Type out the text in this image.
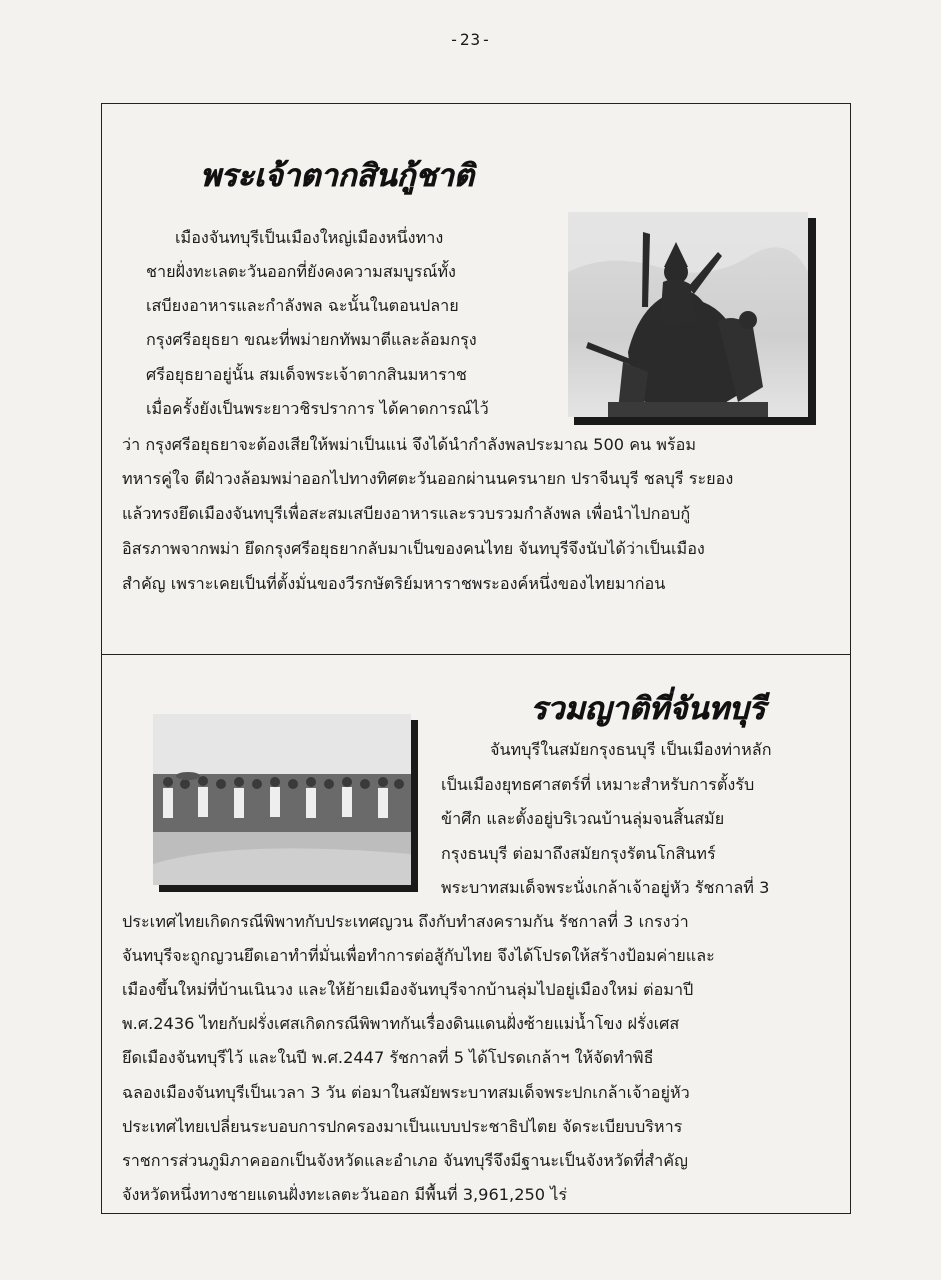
-23-
พระเจ้าตากสินกู้ชาติ
เมืองจันทบุรีเป็นเมืองใหญ่เมืองหนึ่งทาง
ชายฝั่งทะเลตะวันออกที่ยังคงความสมบูรณ์ทั้ง
เสบียงอาหารและกำลังพล ฉะนั้นในตอนปลาย
กรุงศรีอยุธยา ขณะที่พม่ายกทัพมาตีและล้อมกรุง
ศรีอยุธยาอยู่นั้น สมเด็จพระเจ้าตากสินมหาราช
เมื่อครั้งยังเป็นพระยาวชิรปราการ ได้คาดการณ์ไว้
ว่า กรุงศรีอยุธยาจะต้องเสียให้พม่าเป็นแน่ จึงได้นำกำลังพลประมาณ 500 คน พร้อม
ทหารคู่ใจ ตีฝ่าวงล้อมพม่าออกไปทางทิศตะวันออกผ่านนครนายก ปราจีนบุรี ชลบุรี ระยอง
แล้วทรงยึดเมืองจันทบุรีเพื่อสะสมเสบียงอาหารและรวบรวมกำลังพล เพื่อนำไปกอบกู้
อิสรภาพจากพม่า ยึดกรุงศรีอยุธยากลับมาเป็นของคนไทย จันทบุรีจึงนับได้ว่าเป็นเมือง
สำคัญ เพราะเคยเป็นที่ตั้งมั่นของวีรกษัตริย์มหาราชพระองค์หนึ่งของไทยมาก่อน
รวมญาติที่จันทบุรี
จันทบุรีในสมัยกรุงธนบุรี เป็นเมืองท่าหลัก
เป็นเมืองยุทธศาสตร์ที่ เหมาะสำหรับการตั้งรับ
ข้าศึก และตั้งอยู่บริเวณบ้านลุ่มจนสิ้นสมัย
กรุงธนบุรี ต่อมาถึงสมัยกรุงรัตนโกสินทร์
พระบาทสมเด็จพระนั่งเกล้าเจ้าอยู่หัว รัชกาลที่ 3
ประเทศไทยเกิดกรณีพิพาทกับประเทศญวน ถึงกับทำสงครามกัน รัชกาลที่ 3 เกรงว่า
จันทบุรีจะถูกญวนยึดเอาทำที่มั่นเพื่อทำการต่อสู้กับไทย จึงได้โปรดให้สร้างป้อมค่ายและ
เมืองขึ้นใหม่ที่บ้านเนินวง และให้ย้ายเมืองจันทบุรีจากบ้านลุ่มไปอยู่เมืองใหม่ ต่อมาปี
พ.ศ.2436 ไทยกับฝรั่งเศสเกิดกรณีพิพาทกันเรื่องดินแดนฝั่งซ้ายแม่น้ำโขง ฝรั่งเศส
ยึดเมืองจันทบุรีไว้ และในปี พ.ศ.2447 รัชกาลที่ 5 ได้โปรดเกล้าฯ ให้จัดทำพิธี
ฉลองเมืองจันทบุรีเป็นเวลา 3 วัน ต่อมาในสมัยพระบาทสมเด็จพระปกเกล้าเจ้าอยู่หัว
ประเทศไทยเปลี่ยนระบอบการปกครองมาเป็นแบบประชาธิปไตย จัดระเบียบบริหาร
ราชการส่วนภูมิภาคออกเป็นจังหวัดและอำเภอ จันทบุรีจึงมีฐานะเป็นจังหวัดที่สำคัญ
จังหวัดหนึ่งทางชายแดนฝั่งทะเลตะวันออก มีพื้นที่ 3,961,250 ไร่
